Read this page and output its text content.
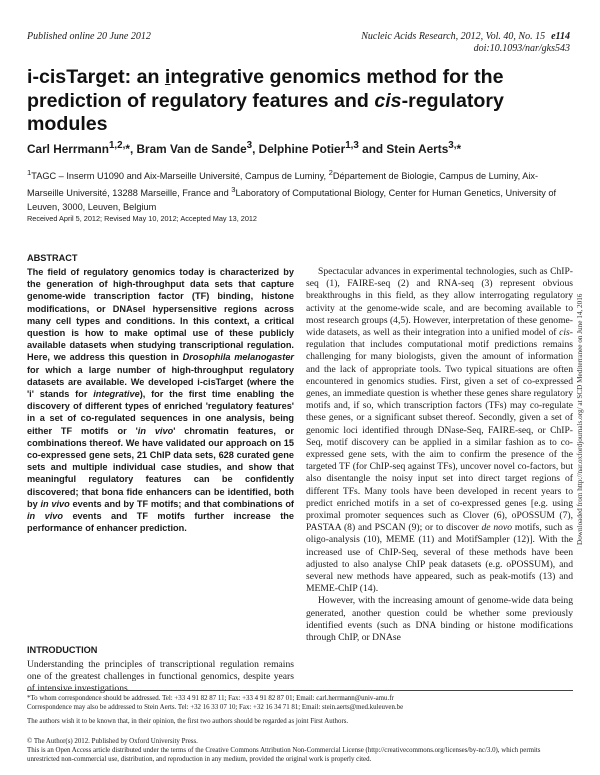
Published online 20 June 2012	Nucleic Acids Research, 2012, Vol. 40, No. 15 e114
doi:10.1093/nar/gks543
i-cisTarget: an integrative genomics method for the prediction of regulatory features and cis-regulatory modules
Carl Herrmann$^{1,2,}$*, Bram Van de Sande$^3$, Delphine Potier$^{1,3}$ and Stein Aerts$^{3,}$*
$^1$TAGC – Inserm U1090 and Aix-Marseille Université, Campus de Luminy, $^2$Département de Biologie, Campus de Luminy, Aix-Marseille Université, 13288 Marseille, France and $^3$Laboratory of Computational Biology, Center for Human Genetics, University of Leuven, 3000, Leuven, Belgium
Received April 5, 2012; Revised May 10, 2012; Accepted May 13, 2012
ABSTRACT
The field of regulatory genomics today is characterized by the generation of high-throughput data sets that capture genome-wide transcription factor (TF) binding, histone modifications, or DNAseI hypersensitive regions across many cell types and conditions. In this context, a critical question is how to make optimal use of these publicly available datasets when studying transcriptional regulation. Here, we address this question in Drosophila melanogaster for which a large number of high-throughput regulatory datasets are available. We developed i-cisTarget (where the 'i' stands for integrative), for the first time enabling the discovery of different types of enriched 'regulatory features' in a set of co-regulated sequences in one analysis, being either TF motifs or 'in vivo' chromatin features, or combinations thereof. We have validated our approach on 15 co-expressed gene sets, 21 ChIP data sets, 628 curated gene sets and multiple individual case studies, and show that meaningful regulatory features can be confidently discovered; that bona fide enhancers can be identified, both by in vivo events and by TF motifs; and that combinations of in vivo events and TF motifs further increase the performance of enhancer prediction.
INTRODUCTION
Understanding the principles of transcriptional regulation remains one of the greatest challenges in functional genomics, despite years of intensive investigations.

Spectacular advances in experimental technologies, such as ChIP-seq (1), FAIRE-seq (2) and RNA-seq (3) represent obvious breakthroughs in this field, as they allow interrogating regulatory activity at the genome-wide scale, and are becoming available to most research groups (4,5). However, interpretation of these genome-wide datasets, as well as their integration into a unified model of cis-regulation that includes computational motif predictions remains challenging for many biologists, given the amount of information and the lack of appropriate tools. Two typical situations are often encountered in genomics studies. First, given a set of co-expressed genes, an immediate question is whether these genes share regulatory motifs and, if so, which transcription factors (TFs) may co-regulate these genes, or a significant subset thereof. Secondly, given a set of genomic loci identified through DNase-Seq, FAIRE-seq, or ChIP-Seq, motif discovery can be applied in a similar fashion as to co-expressed gene sets, with the aim to confirm the presence of the targeted TF (for ChIP-seq against TFs), uncover novel co-factors, but also disentangle the noisy input set into direct target regions of different TFs. Many tools have been developed in recent years to predict enriched motifs in a set of co-expressed genes [e.g. using proximal promoter sequences such as Clover (6), oPOSSUM (7), PASTAA (8) and PSCAN (9); or to discover de novo motifs, such as oligo-analysis (10), MEME (11) and MotifSampler (12)]. With the increased use of ChIP-Seq, several of these methods have been adjusted to also analyse ChIP peak datasets (e.g. oPOSSUM), and several new methods have appeared, such as peak-motifs (13) and MEME-ChIP (14).

However, with the increasing amount of genome-wide data being generated, another question could be whether some previously identified events (such as DNA binding or histone modifications through ChIP, or DNAse

Downloaded from http://nar.oxfordjournals.org/ at SCD Mediterranee on June 14, 2016
*To whom correspondence should be addressed. Tel: +33 4 91 82 87 11; Fax: +33 4 91 82 87 01; Email: carl.herrmann@univ-amu.fr
Correspondence may also be addressed to Stein Aerts. Tel: +32 16 33 07 10; Fax: +32 16 34 71 81; Email: stein.aerts@med.kuleuven.be
The authors wish it to be known that, in their opinion, the first two authors should be regarded as joint First Authors.
© The Author(s) 2012. Published by Oxford University Press.
This is an Open Access article distributed under the terms of the Creative Commons Attribution Non-Commercial License (http://creativecommons.org/licenses/by-nc/3.0), which permits unrestricted non-commercial use, distribution, and reproduction in any medium, provided the original work is properly cited.
